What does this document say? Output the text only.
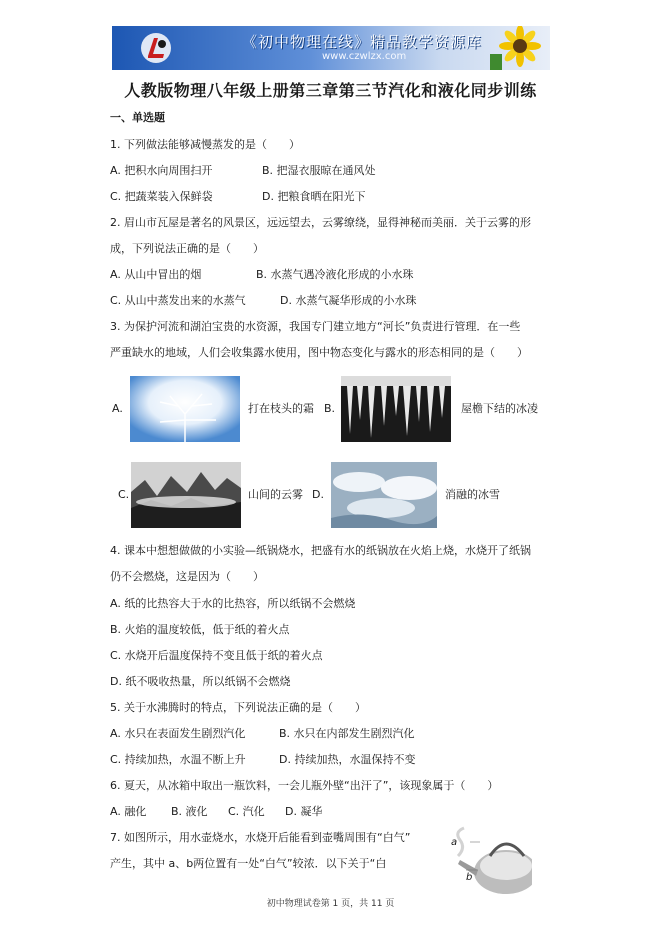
《初中物理在线》精品教学资源库
www.czwlzx.com
人教版物理八年级上册第三章第三节汽化和液化同步训练
一、单选题
1. 下列做法能够减慢蒸发的是（　　）
A. 把积水向周围扫开	B. 把湿衣服晾在通风处
C. 把蔬菜装入保鲜袋	D. 把粮食晒在阳光下
2. 眉山市瓦屋是著名的风景区，远远望去，云雾缭绕，显得神秘而美丽．关于云雾的形
成，下列说法正确的是（　　）
A. 从山中冒出的烟	B. 水蒸气遇冷液化形成的小水珠
C. 从山中蒸发出来的水蒸气	D. 水蒸气凝华形成的小水珠
3. 为保护河流和湖泊宝贵的水资源，我国专门建立地方“河长”负责进行管理．在一些
严重缺水的地域，人们会收集露水使用，图中物态变化与露水的形态相同的是（　　）
A.	打在枝头的霜 B.	屋檐下结的冰凌
C.	山间的云雾 D.	消融的冰雪
4. 课本中想想做做的小实验—纸锅烧水，把盛有水的纸锅放在火焰上烧，水烧开了纸锅
仍不会燃烧，这是因为（　　）
A. 纸的比热容大于水的比热容，所以纸锅不会燃烧
B. 火焰的温度较低，低于纸的着火点
C. 水烧开后温度保持不变且低于纸的着火点
D. 纸不吸收热量，所以纸锅不会燃烧
5. 关于水沸腾时的特点，下列说法正确的是（　　）
A. 水只在表面发生剧烈汽化	B. 水只在内部发生剧烈汽化
C. 持续加热，水温不断上升	D. 持续加热，水温保持不变
6. 夏天，从冰箱中取出一瓶饮料，一会儿瓶外壁“出汗了”，该现象属于（　　）
A. 融化 B. 液化 C. 汽化 D. 凝华
7. 如图所示，用水壶烧水，水烧开后能看到壶嘴周围有“白气”
产生，其中 a、b两位置有一处“白气”较浓．以下关于“白
a
b
初中物理试卷第 1 页，共 11 页
